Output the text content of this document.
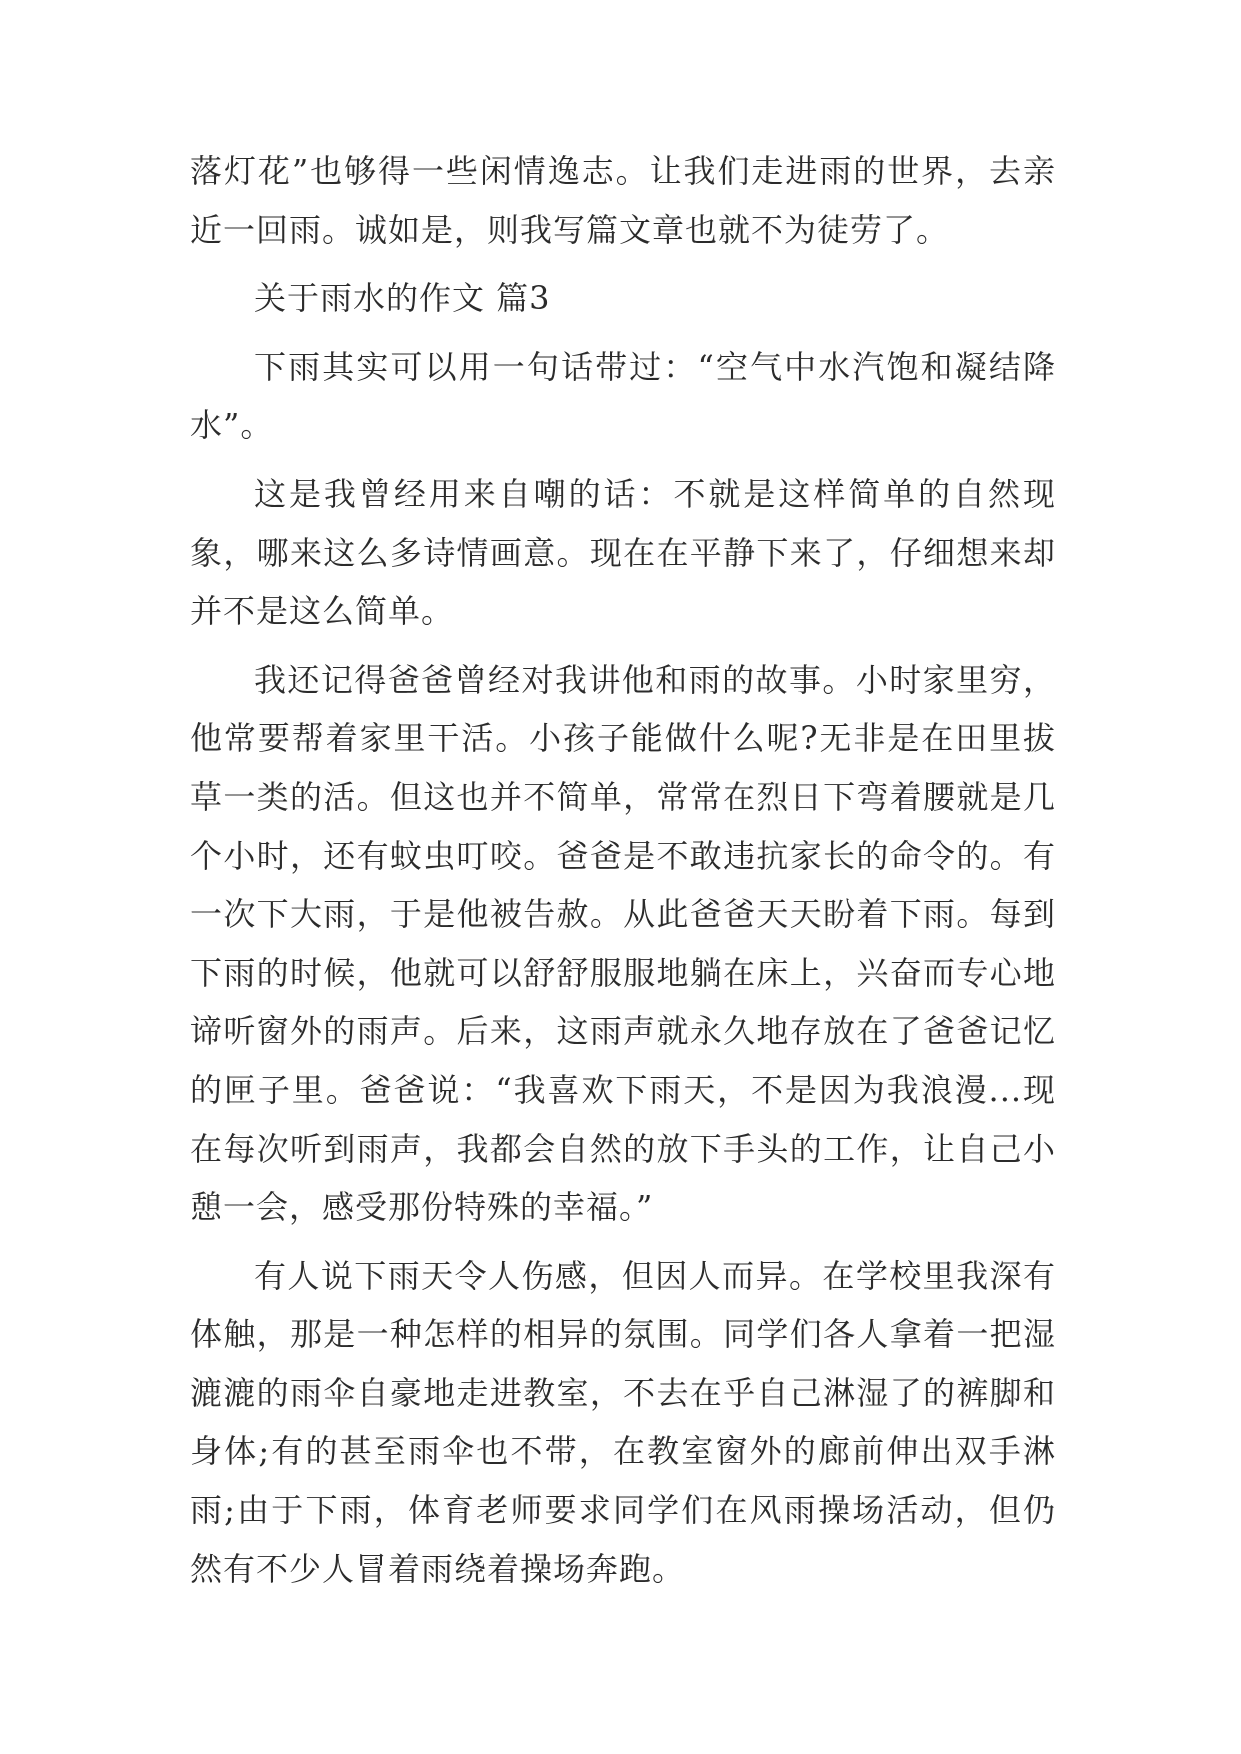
落灯花”也够得一些闲情逸志。让我们走进雨的世界，去亲近一回雨。诚如是，则我写篇文章也就不为徒劳了。

关于雨水的作文 篇3

下雨其实可以用一句话带过：“空气中水汽饱和凝结降水”。

这是我曾经用来自嘲的话：不就是这样简单的自然现象，哪来这么多诗情画意。现在在平静下来了，仔细想来却并不是这么简单。

我还记得爸爸曾经对我讲他和雨的故事。小时家里穷，他常要帮着家里干活。小孩子能做什么呢?无非是在田里拔草一类的活。但这也并不简单，常常在烈日下弯着腰就是几个小时，还有蚊虫叮咬。爸爸是不敢违抗家长的命令的。有一次下大雨，于是他被告赦。从此爸爸天天盼着下雨。每到下雨的时候，他就可以舒舒服服地躺在床上，兴奋而专心地谛听窗外的雨声。后来，这雨声就永久地存放在了爸爸记忆的匣子里。爸爸说：“我喜欢下雨天，不是因为我浪漫...现在每次听到雨声，我都会自然的放下手头的工作，让自己小憩一会，感受那份特殊的幸福。”

有人说下雨天令人伤感，但因人而异。在学校里我深有体触，那是一种怎样的相异的氛围。同学们各人拿着一把湿漉漉的雨伞自豪地走进教室，不去在乎自己淋湿了的裤脚和身体;有的甚至雨伞也不带，在教室窗外的廊前伸出双手淋雨;由于下雨，体育老师要求同学们在风雨操场活动，但仍然有不少人冒着雨绕着操场奔跑。
